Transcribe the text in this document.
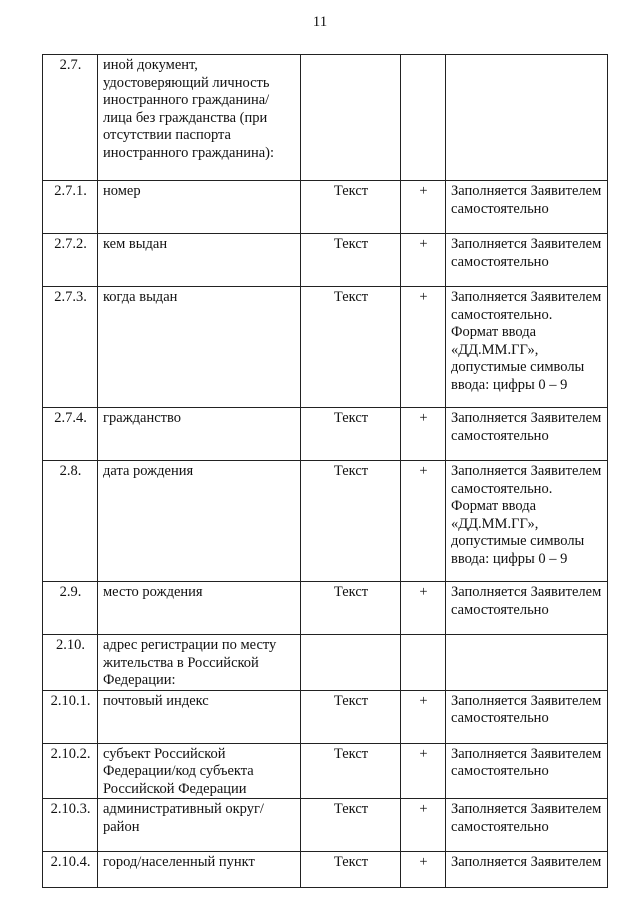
11
2.7.	иной документ, удостоверяющий личность иностранного гражданина/лица без гражданства (при отсутствии паспорта иностранного гражданина):			
2.7.1.	номер	Текст	+	Заполняется Заявителем самостоятельно
2.7.2.	кем выдан	Текст	+	Заполняется Заявителем самостоятельно
2.7.3.	когда выдан	Текст	+	Заполняется Заявителем самостоятельно. Формат ввода «ДД.ММ.ГГ», допустимые символы ввода: цифры 0 – 9
2.7.4.	гражданство	Текст	+	Заполняется Заявителем самостоятельно
2.8.	дата рождения	Текст	+	Заполняется Заявителем самостоятельно. Формат ввода «ДД.ММ.ГГ», допустимые символы ввода: цифры 0 – 9
2.9.	место рождения	Текст	+	Заполняется Заявителем самостоятельно
2.10.	адрес регистрации по месту жительства в Российской Федерации:			
2.10.1.	почтовый индекс	Текст	+	Заполняется Заявителем самостоятельно
2.10.2.	субъект Российской Федерации/код субъекта Российской Федерации	Текст	+	Заполняется Заявителем самостоятельно
2.10.3.	административный округ/ район	Текст	+	Заполняется Заявителем самостоятельно
2.10.4.	город/населенный пункт	Текст	+	Заполняется Заявителем
